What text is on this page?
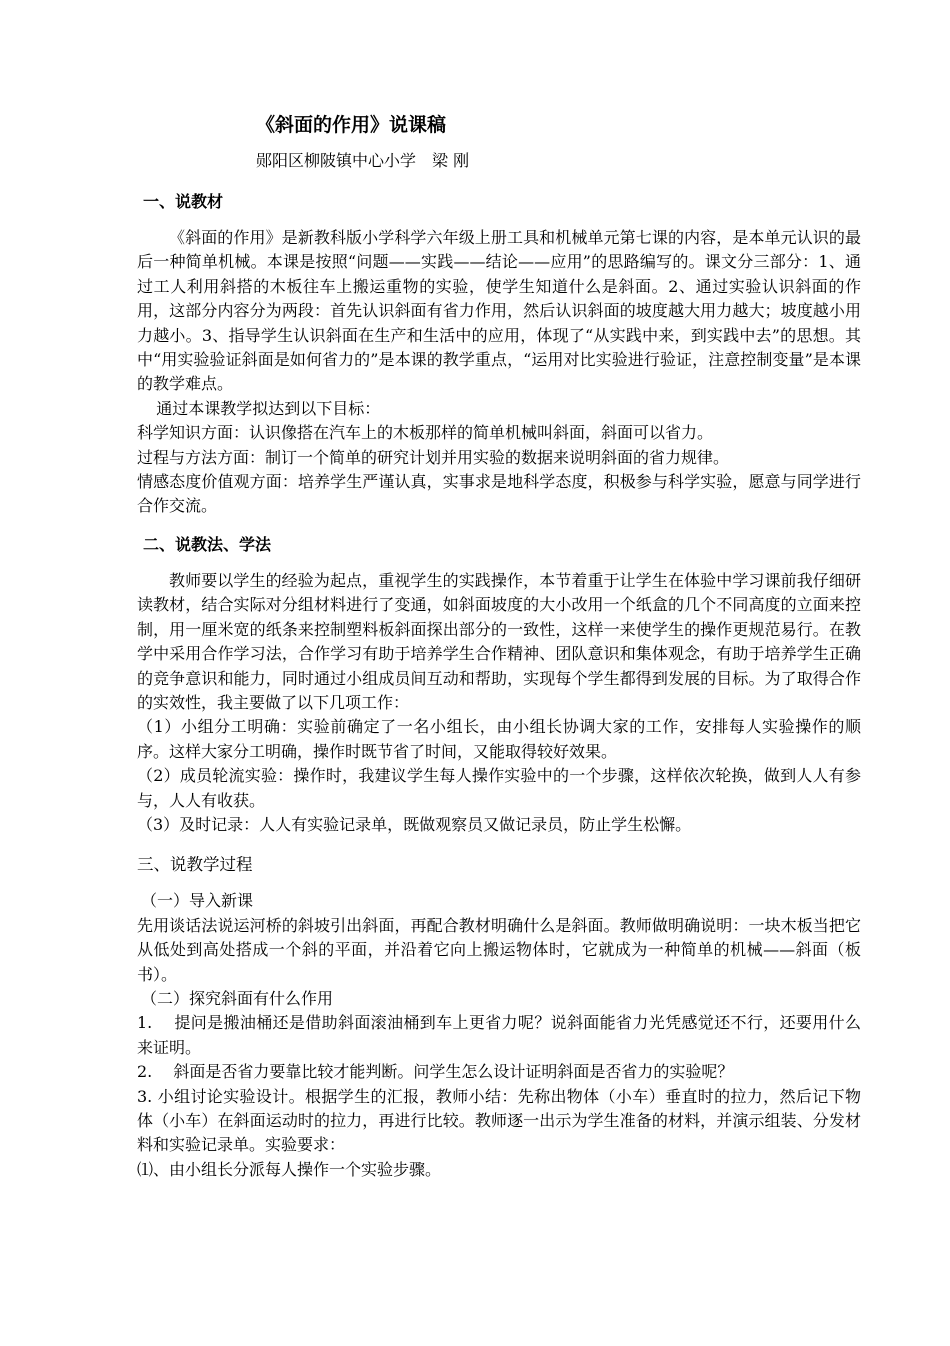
《斜面的作用》说课稿
郧阳区柳陂镇中心小学　梁 刚
一、说教材

《斜面的作用》是新教科版小学科学六年级上册工具和机械单元第七课的内容，是本单元认识的最后一种简单机械。本课是按照“问题——实践——结论——应用”的思路编写的。课文分三部分：1、通过工人利用斜搭的木板往车上搬运重物的实验，使学生知道什么是斜面。2、通过实验认识斜面的作用，这部分内容分为两段：首先认识斜面有省力作用，然后认识斜面的坡度越大用力越大；坡度越小用力越小。3、指导学生认识斜面在生产和生活中的应用，体现了“从实践中来，到实践中去”的思想。其中“用实验验证斜面是如何省力的”是本课的教学重点，“运用对比实验进行验证，注意控制变量”是本课的教学难点。

通过本课教学拟达到以下目标：

科学知识方面：认识像搭在汽车上的木板那样的简单机械叫斜面，斜面可以省力。

过程与方法方面：制订一个简单的研究计划并用实验的数据来说明斜面的省力规律。

情感态度价值观方面：培养学生严谨认真，实事求是地科学态度，积极参与科学实验，愿意与同学进行合作交流。

二、说教法、学法

教师要以学生的经验为起点，重视学生的实践操作，本节着重于让学生在体验中学习课前我仔细研读教材，结合实际对分组材料进行了变通，如斜面坡度的大小改用一个纸盒的几个不同高度的立面来控制，用一厘米宽的纸条来控制塑料板斜面探出部分的一致性，这样一来使学生的操作更规范易行。在教学中采用合作学习法，合作学习有助于培养学生合作精神、团队意识和集体观念，有助于培养学生正确的竞争意识和能力，同时通过小组成员间互动和帮助，实现每个学生都得到发展的目标。为了取得合作的实效性，我主要做了以下几项工作：

（1）小组分工明确：实验前确定了一名小组长，由小组长协调大家的工作，安排每人实验操作的顺序。这样大家分工明确，操作时既节省了时间，又能取得较好效果。

（2）成员轮流实验：操作时，我建议学生每人操作实验中的一个步骤，这样依次轮换，做到人人有参与，人人有收获。

（3）及时记录：人人有实验记录单，既做观察员又做记录员，防止学生松懈。

三、说教学过程

（一）导入新课

先用谈话法说运河桥的斜坡引出斜面，再配合教材明确什么是斜面。教师做明确说明：一块木板当把它从低处到高处搭成一个斜的平面，并沿着它向上搬运物体时，它就成为一种简单的机械——斜面（板书）。

（二）探究斜面有什么作用

1.　 提问是搬油桶还是借助斜面滚油桶到车上更省力呢？说斜面能省力光凭感觉还不行，还要用什么来证明。

2.　 斜面是否省力要靠比较才能判断。问学生怎么设计证明斜面是否省力的实验呢？

3. 小组讨论实验设计。根据学生的汇报，教师小结：先称出物体（小车）垂直时的拉力，然后记下物体（小车）在斜面运动时的拉力，再进行比较。教师逐一出示为学生准备的材料，并演示组装、分发材料和实验记录单。实验要求：

⑴、由小组长分派每人操作一个实验步骤。
